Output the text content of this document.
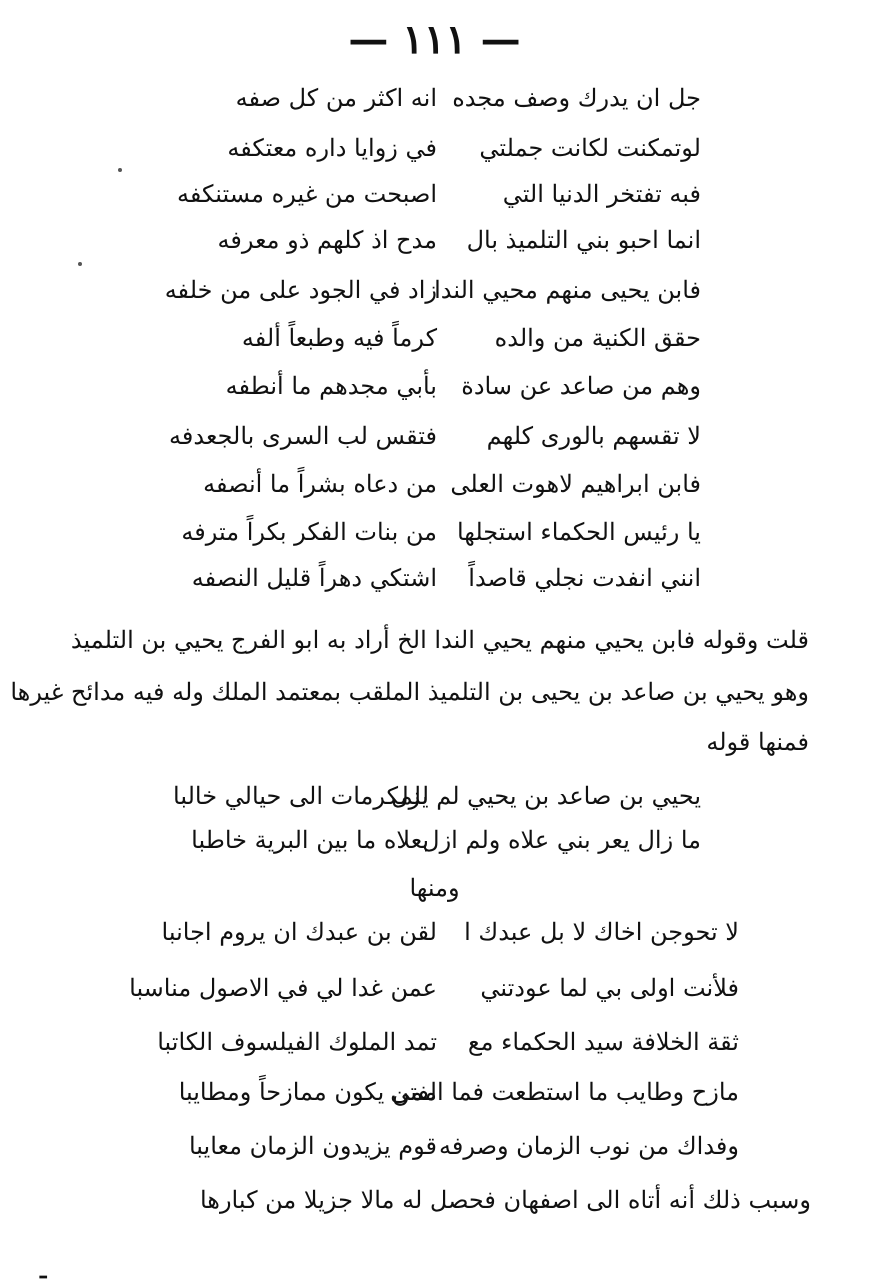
— ١١١ —
جل ان يدرك وصف مجده
انه اكثر من كل صفه
لوتمكنت لكانت جملتي
في زوايا داره معتكفه
فبه تفتخر الدنيا التي
اصبحت من غيره مستنكفه
انما احبو بني التلميذ بال
مدح اذ كلهم ذو معرفه
فابن يحيى منهم محيي الندا
زاد في الجود على من خلفه
حقق الكنية من والده
كرماً فيه وطبعاً ألفه
وهم من صاعد عن سادة
بأبي مجدهم ما أنطفه
لا تقسهم بالورى كلهم
فتقس لب السرى بالجعدفه
فابن ابراهيم لاهوت العلى
من دعاه بشراً ما أنصفه
يا رئيس الحكماء استجلها
من بنات الفكر بكراً مترفه
انني انفدت نجلي قاصداً
اشتكي دهراً قليل النصفه
قلت وقوله فابن يحيي منهم يحيي الندا الخ أراد به ابو الفرج يحيي بن التلميذ
وهو يحيي بن صاعد بن يحيى بن التلميذ الملقب بمعتمد الملك وله فيه مدائح غيرها
فمنها قوله
يحيي بن صاعد بن يحيي لم يزل
للمكرمات الى حيالي خالبا
ما زال يعر بني علاه ولم ازل
بعلاه ما بين البرية خاطبا
ومنها
لا تحوجن اخاك لا بل عبدك ا
لقن بن عبدك ان يروم اجانبا
فلأنت اولى بي لما عودتني
عمن غدا لي في الاصول مناسبا
ثقة الخلافة سيد الحكماء مع
تمد الملوك الفيلسوف الكاتبا
مازح وطايب ما استطعت فما الفتى
ممن يكون ممازحاً ومطايبا
وفداك من نوب الزمان وصرفه
قوم يزيدون الزمان معايبا
وسبب ذلك أنه أتاه الى اصفهان فحصل له مالا جزيلا من كبارها
ـ
